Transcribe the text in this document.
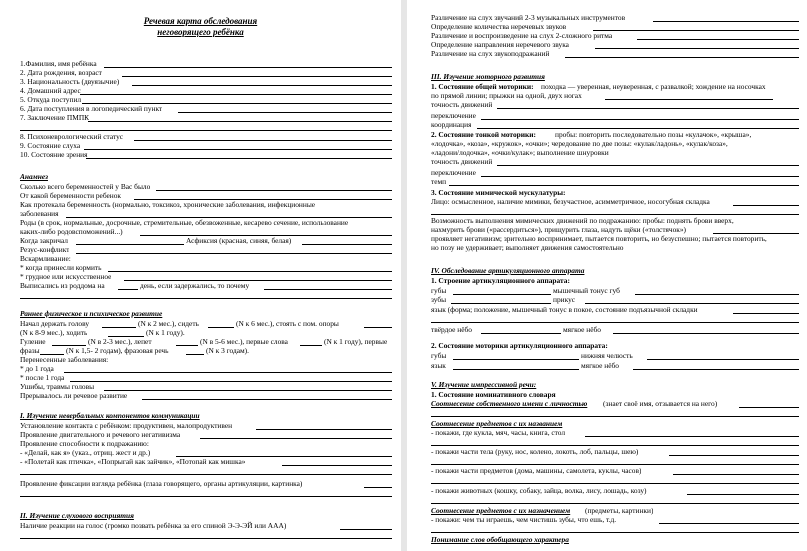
Речевая карта обследования
неговорящего ребёнка
1.Фамилия, имя ребёнка
2. Дата рождения, возраст
3. Национальность (двуязычие)
4. Домашний адрес
5. Откуда поступил
6. Дата поступления в логопедический пункт
7. Заключение ПМПК
8. Психоневрологический статус
9. Состояние слуха
10. Состояние зрения
Анамнез
Сколько всего беременностей у Вас было
От какой беременности ребенок
Как протекала беременность (нормально, токсикоз, хронические заболевания, инфекционные
заболевания
Роды (в срок, нормальные, досрочные, стремительные, обезвоженные, кесарево сечение, использование
каких-либо родовспоможений...)
Когда закричал	Асфиксия (красная, синяя, белая)
Резус-конфликт
Вскармливание:
* когда принесли кормить
* грудное или искусственное
Выписались из роддома на	день, если задержались, то почему
Раннее физическое и психическое развитие
Начал держать голову	(N к 2 мес.), сидеть	(N к 6 мес.), стоять с пом. опоры
(N к 8-9 мес.), ходить	(N к 1 году).
Гуление	(N в 2-3 мес.), лепет	(N в 5-6 мес.), первые слова	(N к 1 году), первые
фразы	(N к 1,5- 2 годам), фразовая речь	(N к 3 годам).
Перенесенные заболевания:
* до 1 года
* после 1 года
Ушибы, травмы головы
Прерывалось ли речевое развитие
I. Изучение невербальных компонентов коммуникации
Установление контакта с ребёнком: продуктивен, малопродуктивен
Проявление двигательного и речевого негативизма
Проявление способности к подражанию:
- «Делай, как я» (указ., отриц. жест и др.)
- «Полетай как птичка», «Попрыгай как зайчик», «Потопай как мишка»
Проявление фиксации взгляда ребёнка (глаза говорящего, органы артикуляции, картинка)
II. Изучение слухового восприятия
Наличие реакции на голос (громко позвать ребёнка за его спиной Э-Э-ЭЙ или ААА)
Различение на слух звучаний 2-3 музыкальных инструментов
Определение количества неречевых звуков
Различение и воспроизведение на слух 2-сложного ритма
Определение направления неречевого звука
Различение на слух звукоподражаний
III. Изучение моторного развития
1. Состояние общей моторики: походка — уверенная, неуверенная, с развалкой; хождение на носочках
по прямой линии; прыжки на одной, двух ногах
точность движений
переключение
координация
2. Состояние тонкой моторики:	пробы: повторить последовательно позы «кулачок», «крыша»,
«лодочка», «коза», «кружок», «очки»; чередование по две позы: «кулак/ладонь», «кулак/коза»,
«ладони/лодочка», «очки/кулак»; выполнение шнуровки
точность движений
переключение
темп
3. Состояние мимической мускулатуры:
Лицо: осмысленное, наличие мимики, безучастное, асимметричное, носогубная складка
Возможность выполнения мимических движений по подражанию: пробы: поднять брови вверх,
нахмурить брови («рассердиться»), прищурить глаза, надуть щёки («толстячок»)
проявляет негативизм; зрительно воспринимает, пытается повторить, но безуспешно; пытается повторить,
но позу не удерживает; выполняет движения самостоятельно
IV. Обследование артикуляционного аппарата
1. Строение артикуляционного аппарата:
губы	мышечный тонус губ
зубы	прикус
язык (форма; положение, мышечный тонус в покое, состояние подъязычной складки
твёрдое нёбо	мягкое нёбо
2. Состояние моторики артикуляционного аппарата:
губы	нижняя челюсть
язык	мягкое нёбо
V. Изучение импрессивной речи:
1. Состояние номинативного словаря
Соотнесение собственного имени с личностью (знает своё имя, отзывается на него)
Соотнесение предметов с их названием
- покажи, где кукла, мяч, часы, книга, стол
- покажи части тела (руку, нос, колено, локоть, лоб, пальцы, шею)
- покажи части предметов (дома, машины, самолета, куклы, часов)
- покажи животных (кошку, собаку, зайца, волка, лису, лошадь, козу)
Соотнесение предметов с их назначением (предметы, картинки)
- покажи: чем ты играешь, чем чистишь зубы, что ешь, т.д.
Понимание слов обобщающего характера
